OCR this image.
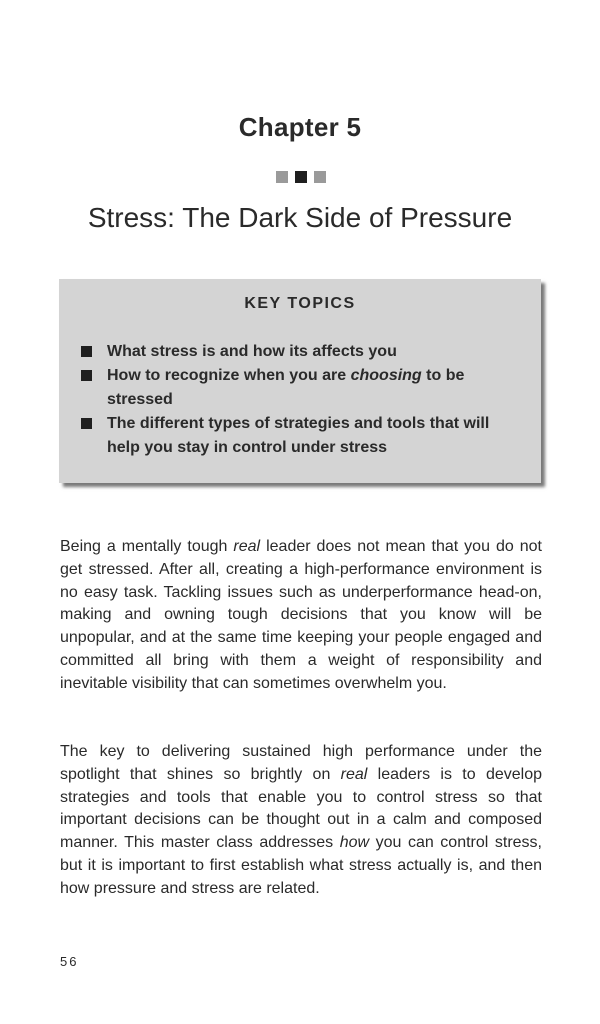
Chapter 5
Stress: The Dark Side of Pressure
KEY TOPICS
What stress is and how its affects you
How to recognize when you are choosing to be stressed
The different types of strategies and tools that will help you stay in control under stress

Being a mentally tough real leader does not mean that you do not get stressed. After all, creating a high-performance environment is no easy task. Tackling issues such as underperformance head-on, making and owning tough decisions that you know will be unpopular, and at the same time keeping your people engaged and committed all bring with them a weight of responsibility and inevitable visibility that can sometimes overwhelm you.

The key to delivering sustained high performance under the spotlight that shines so brightly on real leaders is to develop strategies and tools that enable you to control stress so that important decisions can be thought out in a calm and composed manner. This master class addresses how you can control stress, but it is important to first establish what stress actually is, and then how pressure and stress are related.

56
